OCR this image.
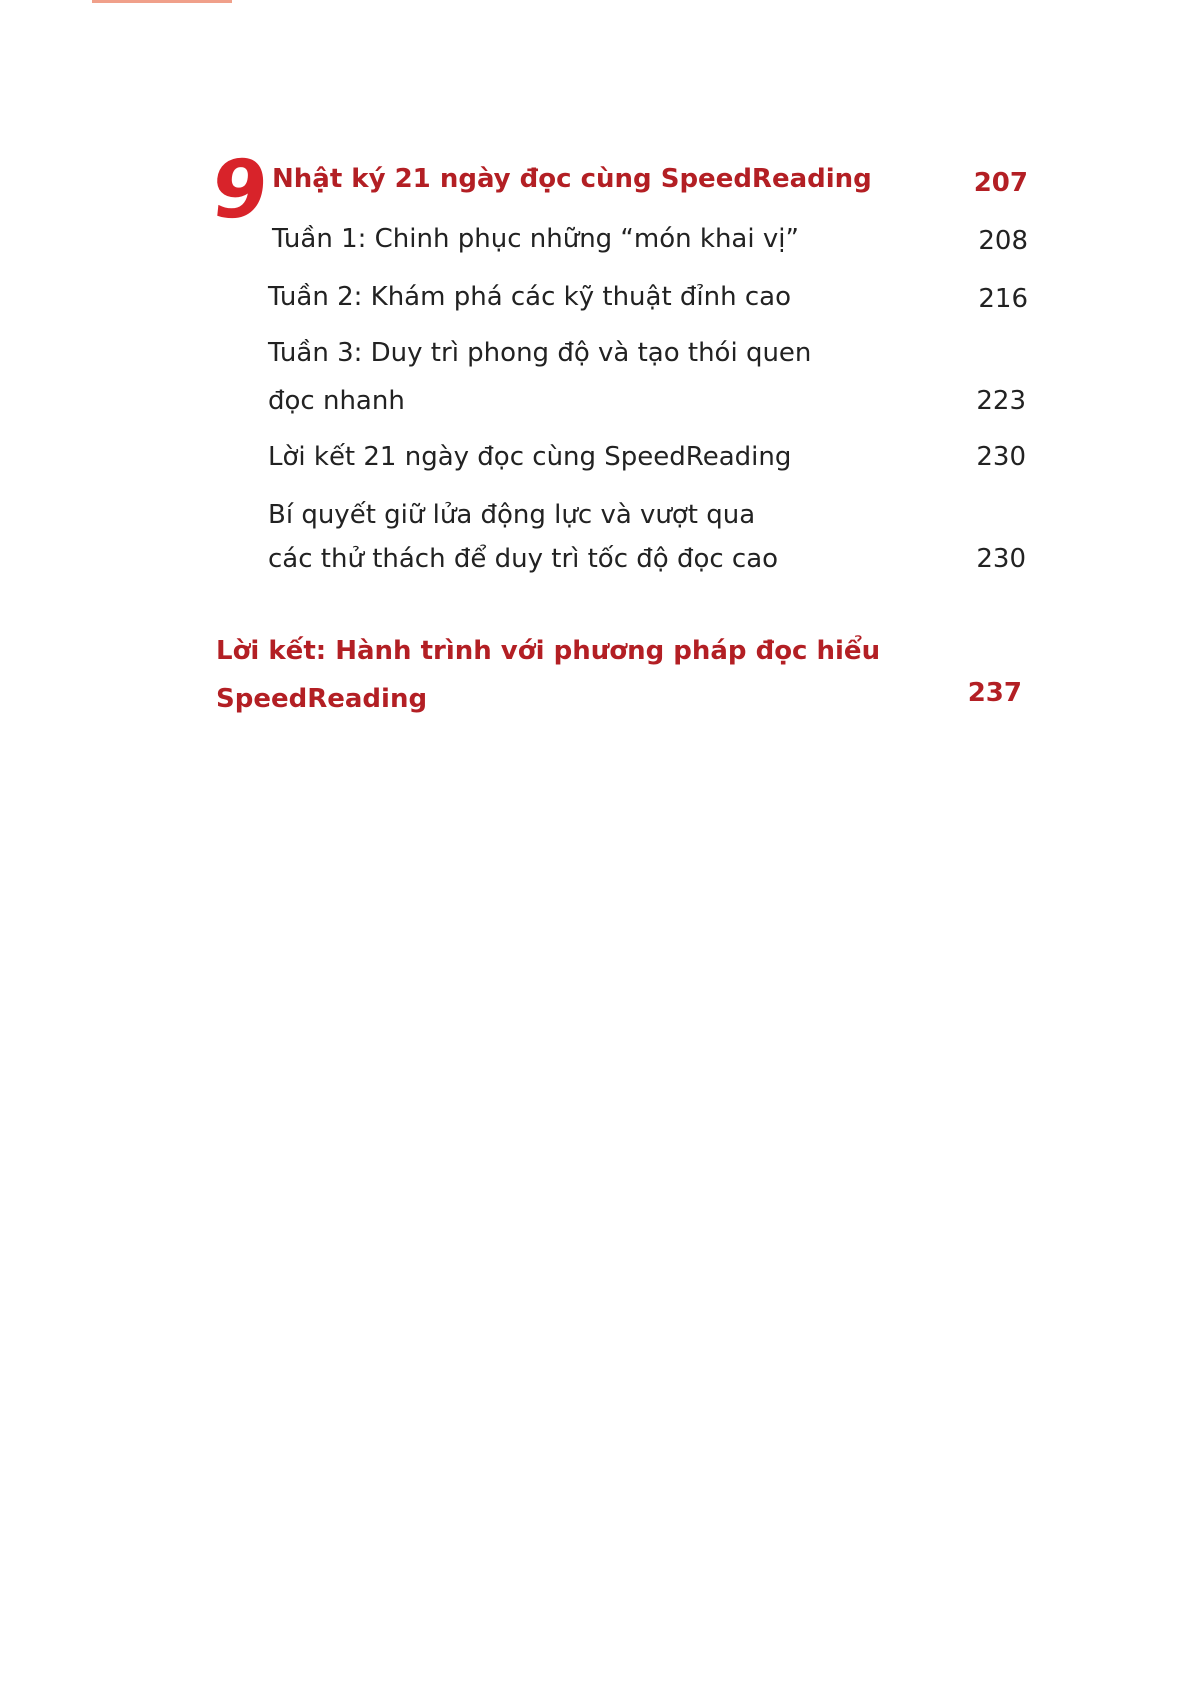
9 Nhật ký 21 ngày đọc cùng SpeedReading	207
Tuần 1: Chinh phục những “món khai vị”	208
Tuần 2: Khám phá các kỹ thuật đỉnh cao	216
Tuần 3: Duy trì phong độ và tạo thói quen
đọc nhanh	223
Lời kết 21 ngày đọc cùng SpeedReading	230
Bí quyết giữ lửa động lực và vượt qua
các thử thách để duy trì tốc độ đọc cao	230
Lời kết: Hành trình với phương pháp đọc hiểu
SpeedReading	237
